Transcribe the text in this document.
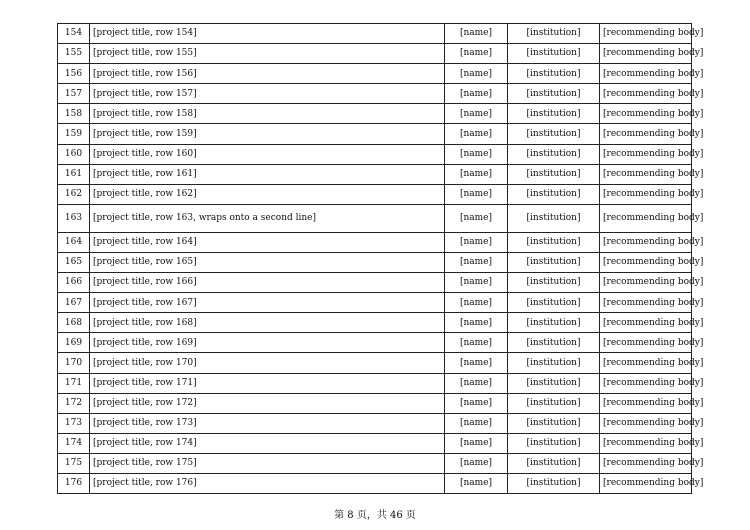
154	[project title, row 154]	[name]	[institution]	[recommending body]
155	[project title, row 155]	[name]	[institution]	[recommending body]
156	[project title, row 156]	[name]	[institution]	[recommending body]
157	[project title, row 157]	[name]	[institution]	[recommending body]
158	[project title, row 158]	[name]	[institution]	[recommending body]
159	[project title, row 159]	[name]	[institution]	[recommending body]
160	[project title, row 160]	[name]	[institution]	[recommending body]
161	[project title, row 161]	[name]	[institution]	[recommending body]
162	[project title, row 162]	[name]	[institution]	[recommending body]
163	[project title, row 163, wraps onto a second line]	[name]	[institution]	[recommending body]
164	[project title, row 164]	[name]	[institution]	[recommending body]
165	[project title, row 165]	[name]	[institution]	[recommending body]
166	[project title, row 166]	[name]	[institution]	[recommending body]
167	[project title, row 167]	[name]	[institution]	[recommending body]
168	[project title, row 168]	[name]	[institution]	[recommending body]
169	[project title, row 169]	[name]	[institution]	[recommending body]
170	[project title, row 170]	[name]	[institution]	[recommending body]
171	[project title, row 171]	[name]	[institution]	[recommending body]
172	[project title, row 172]	[name]	[institution]	[recommending body]
173	[project title, row 173]	[name]	[institution]	[recommending body]
174	[project title, row 174]	[name]	[institution]	[recommending body]
175	[project title, row 175]	[name]	[institution]	[recommending body]
176	[project title, row 176]	[name]	[institution]	[recommending body]
第 8 页，共 46 页
